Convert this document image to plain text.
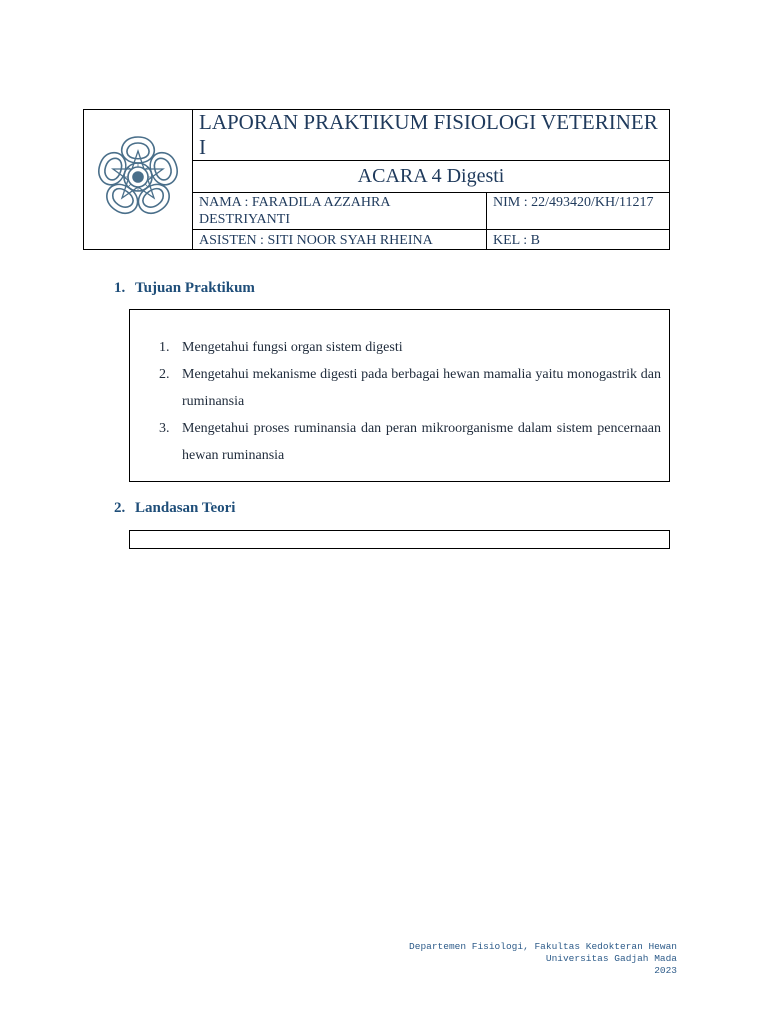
	LAPORAN PRAKTIKUM FISIOLOGI VETERINER I	
	ACARA 4 Digesti	
	NAMA : FARADILA AZZAHRA DESTRIYANTI	NIM : 22/493420/KH/11217
	ASISTEN : SITI NOOR SYAH RHEINA	KEL : B
1. Tujuan Praktikum
1. Mengetahui fungsi organ sistem digesti
2. Mengetahui mekanisme digesti pada berbagai hewan mamalia yaitu monogastrik dan ruminansia
3. Mengetahui proses ruminansia dan peran mikroorganisme dalam sistem pencernaan hewan ruminansia
2. Landasan Teori
Departemen Fisiologi, Fakultas Kedokteran Hewan
Universitas Gadjah Mada
2023
